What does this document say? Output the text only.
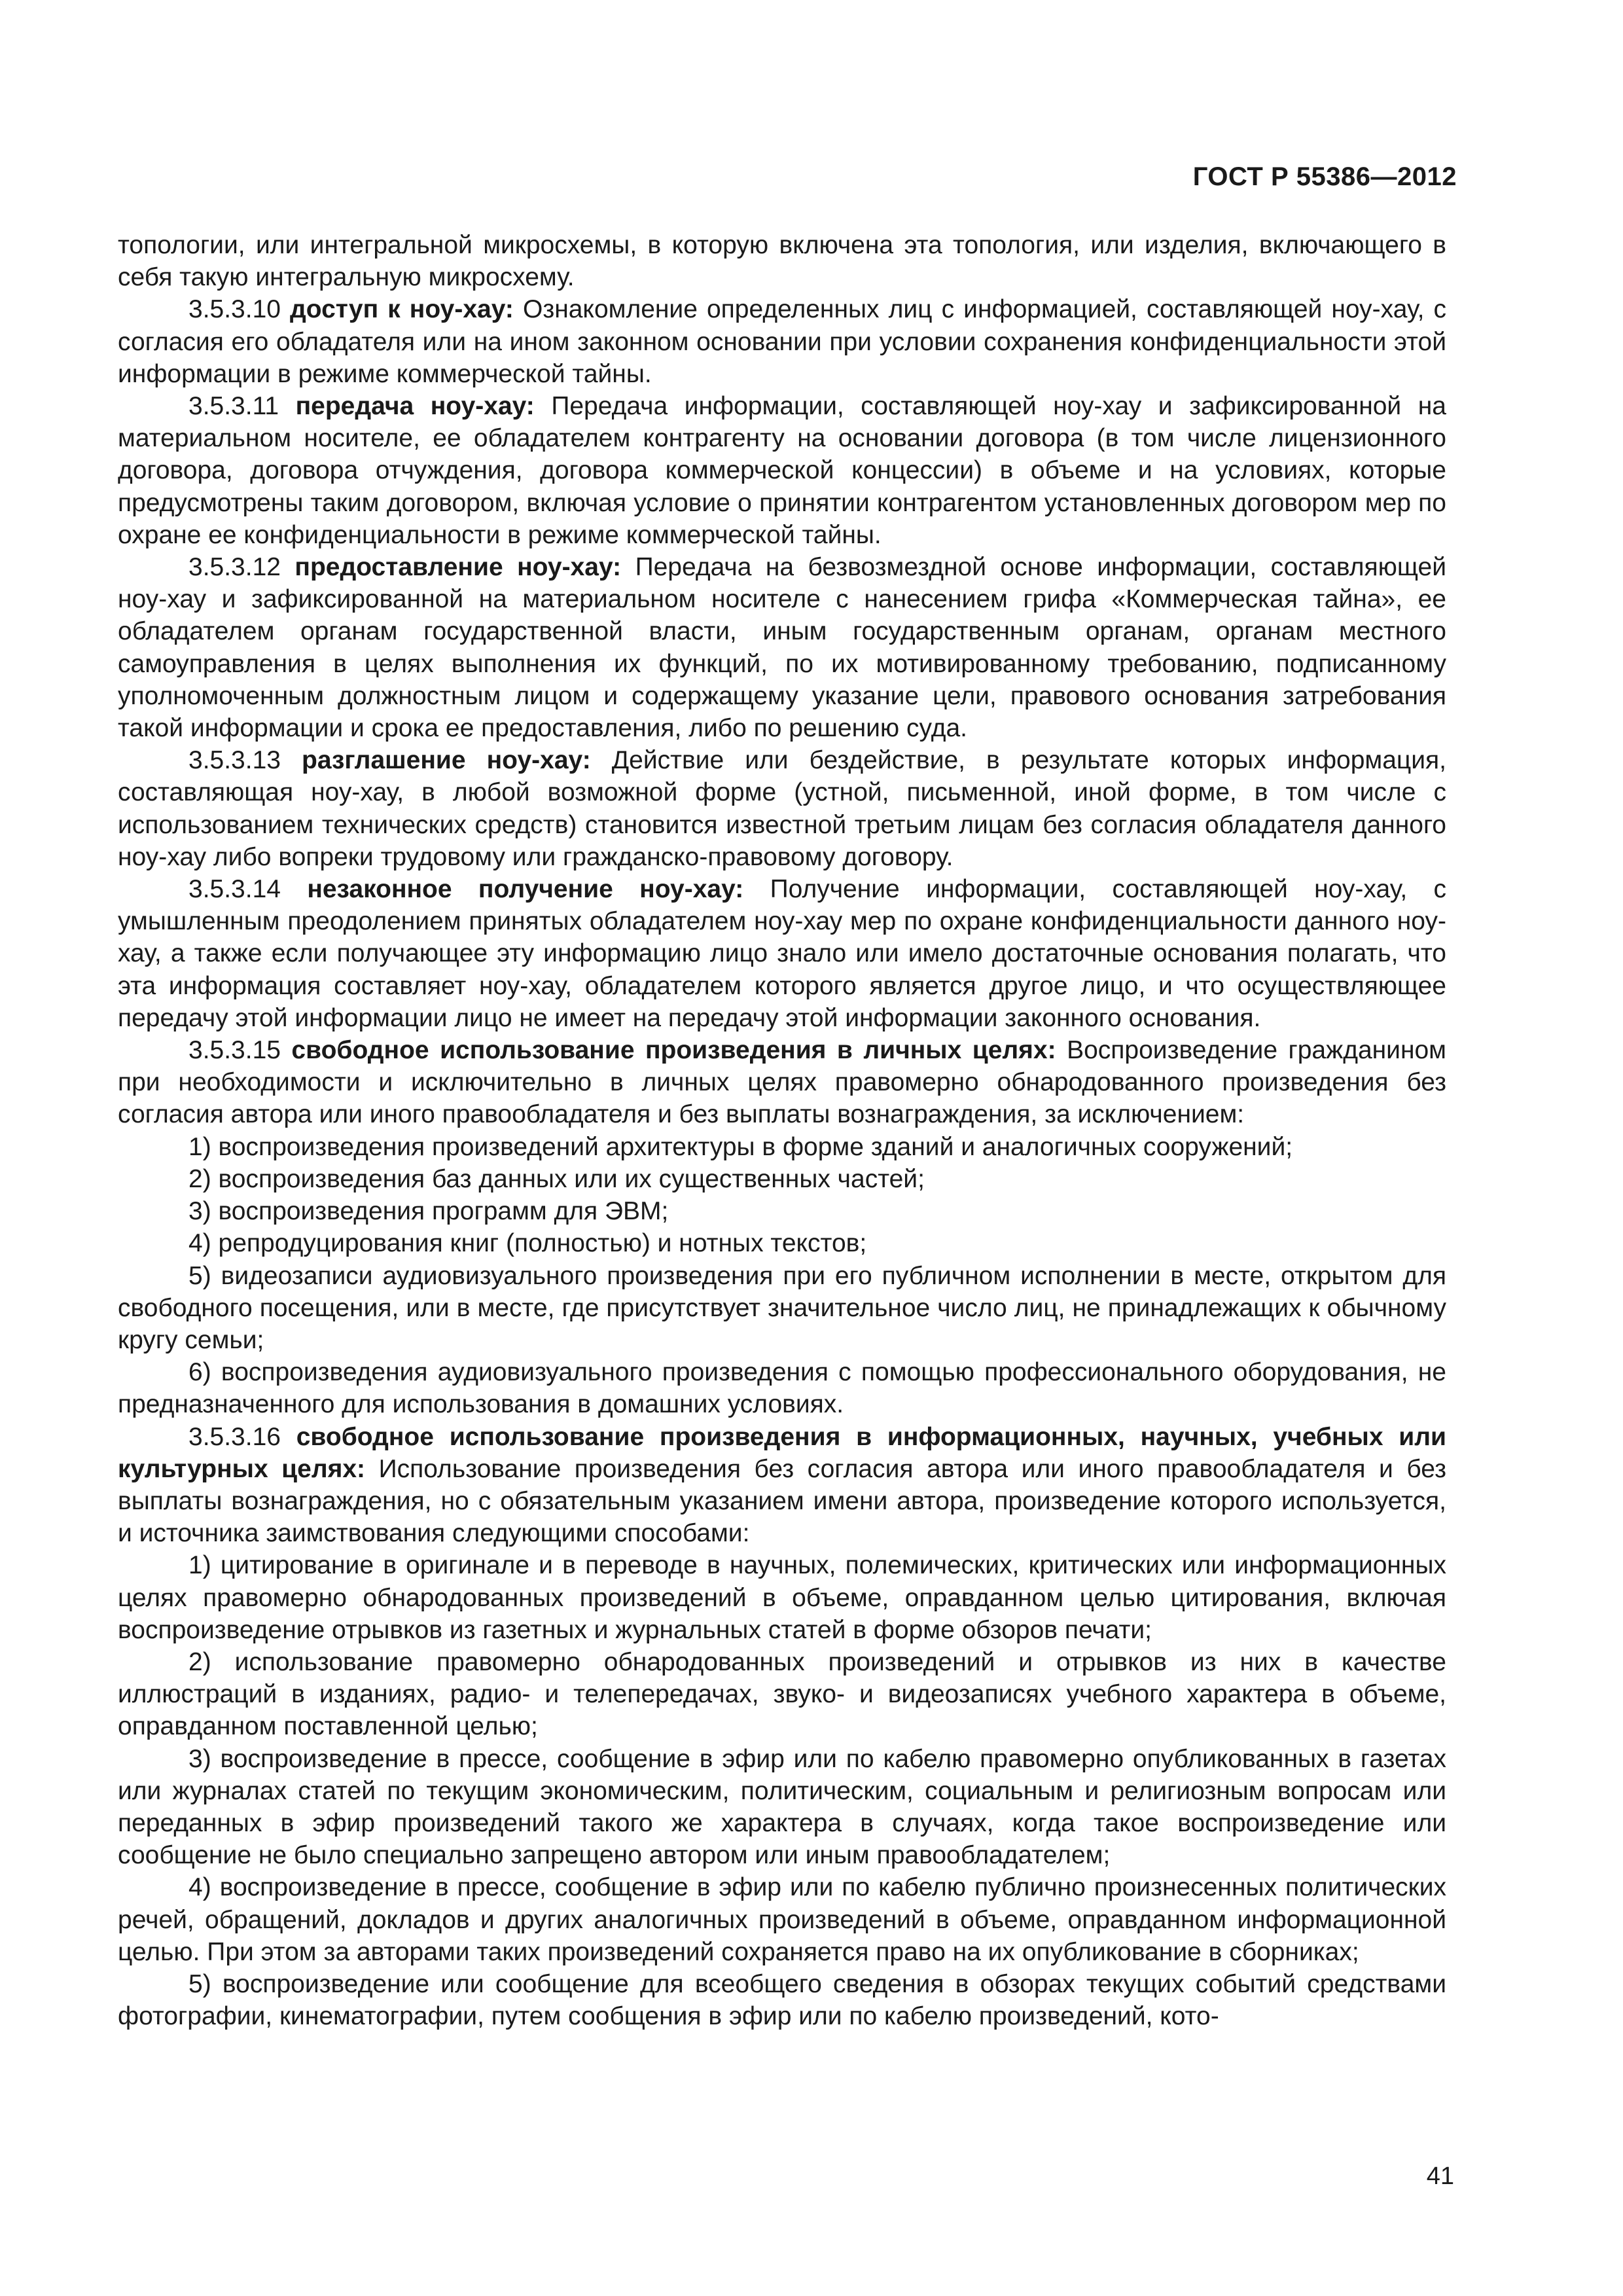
ГОСТ Р 55386—2012

топологии, или интегральной микросхемы, в которую включена эта топология, или изделия, включающего в себя такую интегральную микросхему.

3.5.3.10 доступ к ноу-хау: Ознакомление определенных лиц с информацией, составляющей ноу-хау, с согласия его обладателя или на ином законном основании при условии сохранения конфиденциальности этой информации в режиме коммерческой тайны.

3.5.3.11 передача ноу-хау: Передача информации, составляющей ноу-хау и зафиксированной на материальном носителе, ее обладателем контрагенту на основании договора (в том числе лицензионного договора, договора отчуждения, договора коммерческой концессии) в объеме и на условиях, которые предусмотрены таким договором, включая условие о принятии контрагентом установленных договором мер по охране ее конфиденциальности в режиме коммерческой тайны.

3.5.3.12 предоставление ноу-хау: Передача на безвозмездной основе информации, составляющей ноу-хау и зафиксированной на материальном носителе с нанесением грифа «Коммерческая тайна», ее обладателем органам государственной власти, иным государственным органам, органам местного самоуправления в целях выполнения их функций, по их мотивированному требованию, подписанному уполномоченным должностным лицом и содержащему указание цели, правового основания затребования такой информации и срока ее предоставления, либо по решению суда.

3.5.3.13 разглашение ноу-хау: Действие или бездействие, в результате которых информация, составляющая ноу-хау, в любой возможной форме (устной, письменной, иной форме, в том числе с использованием технических средств) становится известной третьим лицам без согласия обладателя данного ноу-хау либо вопреки трудовому или гражданско-правовому договору.

3.5.3.14 незаконное получение ноу-хау: Получение информации, составляющей ноу-хау, с умышленным преодолением принятых обладателем ноу-хау мер по охране конфиденциальности данного ноу-хау, а также если получающее эту информацию лицо знало или имело достаточные основания полагать, что эта информация составляет ноу-хау, обладателем которого является другое лицо, и что осуществляющее передачу этой информации лицо не имеет на передачу этой информации законного основания.

3.5.3.15 свободное использование произведения в личных целях: Воспроизведение гражданином при необходимости и исключительно в личных целях правомерно обнародованного произведения без согласия автора или иного правообладателя и без выплаты вознаграждения, за исключением:

1) воспроизведения произведений архитектуры в форме зданий и аналогичных сооружений;

2) воспроизведения баз данных или их существенных частей;

3) воспроизведения программ для ЭВМ;

4) репродуцирования книг (полностью) и нотных текстов;

5) видеозаписи аудиовизуального произведения при его публичном исполнении в месте, открытом для свободного посещения, или в месте, где присутствует значительное число лиц, не принадлежащих к обычному кругу семьи;

6) воспроизведения аудиовизуального произведения с помощью профессионального оборудования, не предназначенного для использования в домашних условиях.

3.5.3.16 свободное использование произведения в информационных, научных, учебных или культурных целях: Использование произведения без согласия автора или иного правообладателя и без выплаты вознаграждения, но с обязательным указанием имени автора, произведение которого используется, и источника заимствования следующими способами:

1) цитирование в оригинале и в переводе в научных, полемических, критических или информационных целях правомерно обнародованных произведений в объеме, оправданном целью цитирования, включая воспроизведение отрывков из газетных и журнальных статей в форме обзоров печати;

2) использование правомерно обнародованных произведений и отрывков из них в качестве иллюстраций в изданиях, радио- и телепередачах, звуко- и видеозаписях учебного характера в объеме, оправданном поставленной целью;

3) воспроизведение в прессе, сообщение в эфир или по кабелю правомерно опубликованных в газетах или журналах статей по текущим экономическим, политическим, социальным и религиозным вопросам или переданных в эфир произведений такого же характера в случаях, когда такое воспроизведение или сообщение не было специально запрещено автором или иным правообладателем;

4) воспроизведение в прессе, сообщение в эфир или по кабелю публично произнесенных политических речей, обращений, докладов и других аналогичных произведений в объеме, оправданном информационной целью. При этом за авторами таких произведений сохраняется право на их опубликование в сборниках;

5) воспроизведение или сообщение для всеобщего сведения в обзорах текущих событий средствами фотографии, кинематографии, путем сообщения в эфир или по кабелю произведений, кото-

41
